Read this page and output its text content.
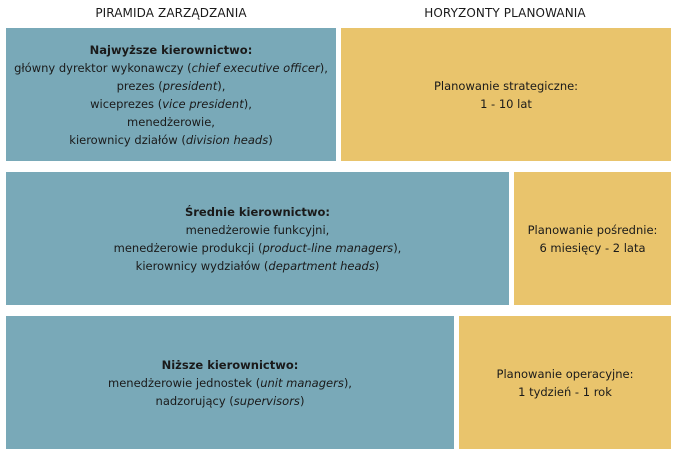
PIRAMIDA ZARZĄDZANIA	HORYZONTY PLANOWANIA
Najwyższe kierownictwo:
główny dyrektor wykonawczy (chief executive officer),
prezes (president),
wiceprezes (vice president),
menedżerowie,
kierownicy działów (division heads)
Planowanie strategiczne:
1 - 10 lat
Średnie kierownictwo:
menedżerowie funkcyjni,
menedżerowie produkcji (product-line managers),
kierownicy wydziałów (department heads)
Planowanie pośrednie:
6 miesięcy - 2 lata
Niższe kierownictwo:
menedżerowie jednostek (unit managers),
nadzorujący (supervisors)
Planowanie operacyjne:
1 tydzień - 1 rok
